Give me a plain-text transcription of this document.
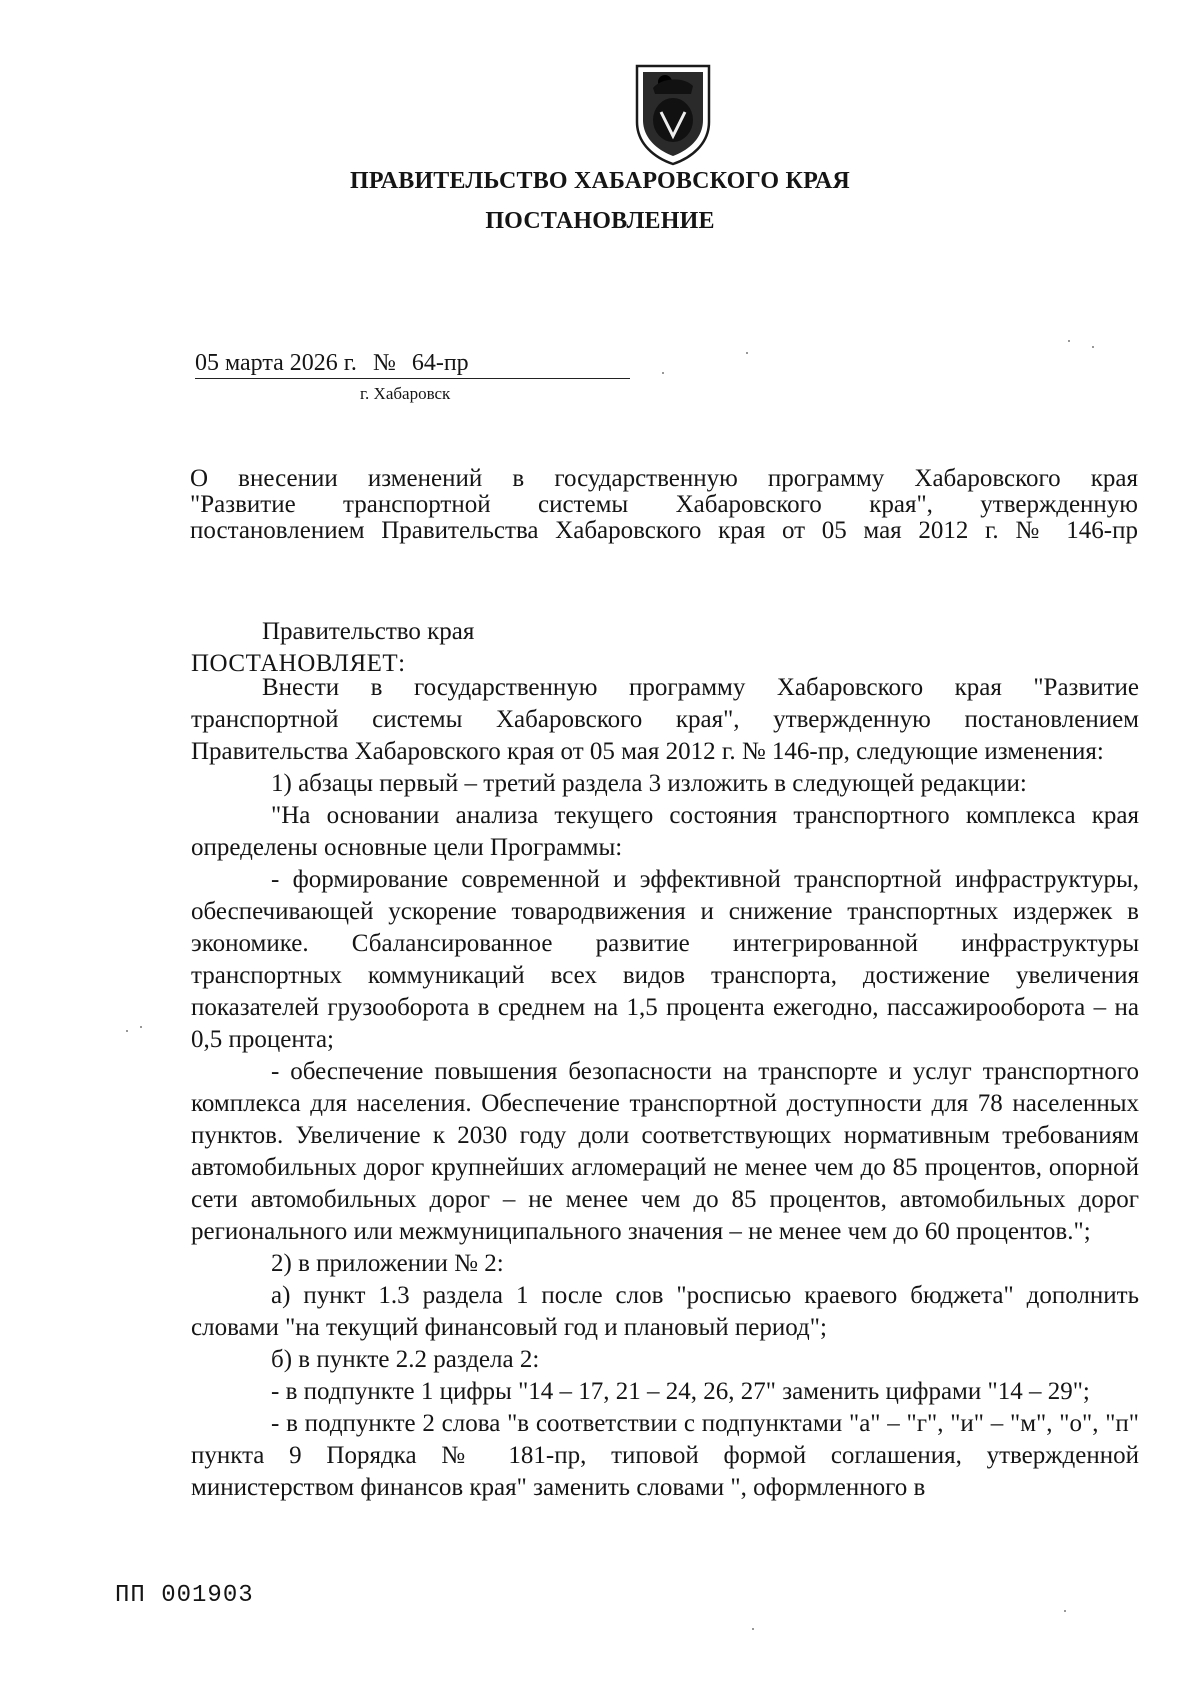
ПРАВИТЕЛЬСТВО ХАБАРОВСКОГО КРАЯ
ПОСТАНОВЛЕНИЕ
05 марта 2026 г. № 64-пр
г. Хабаровск
О внесении изменений в государственную программу Хабаровского края
"Развитие транспортной системы Хабаровского края", утвержденную
постановлением Правительства Хабаровского края от 05 мая 2012 г. № 146-пр
Правительство края
ПОСТАНОВЛЯЕТ:

Внести в государственную программу Хабаровского края "Развитие транспортной системы Хабаровского края", утвержденную постановлением Правительства Хабаровского края от 05 мая 2012 г. № 146-пр, следующие изменения:

1) абзацы первый – третий раздела 3 изложить в следующей редакции:

"На основании анализа текущего состояния транспортного комплекса края определены основные цели Программы:

- формирование современной и эффективной транспортной инфраструктуры, обеспечивающей ускорение товародвижения и снижение транспортных издержек в экономике. Сбалансированное развитие интегрированной инфраструктуры транспортных коммуникаций всех видов транспорта, достижение увеличения показателей грузооборота в среднем на 1,5 процента ежегодно, пассажирооборота – на 0,5 процента;

- обеспечение повышения безопасности на транспорте и услуг транспортного комплекса для населения. Обеспечение транспортной доступности для 78 населенных пунктов. Увеличение к 2030 году доли соответствующих нормативным требованиям автомобильных дорог крупнейших агломераций не менее чем до 85 процентов, опорной сети автомобильных дорог – не менее чем до 85 процентов, автомобильных дорог регионального или межмуниципального значения – не менее чем до 60 процентов.";

2) в приложении № 2:

а) пункт 1.3 раздела 1 после слов "росписью краевого бюджета" дополнить словами "на текущий финансовый год и плановый период";

б) в пункте 2.2 раздела 2:

- в подпункте 1 цифры "14 – 17, 21 – 24, 26, 27" заменить цифрами "14 – 29";

- в подпункте 2 слова "в соответствии с подпунктами "а" – "г", "и" – "м", "о", "п" пункта 9 Порядка № 181-пр, типовой формой соглашения, утвержденной министерством финансов края" заменить словами ", оформленного в

ПП 001903
